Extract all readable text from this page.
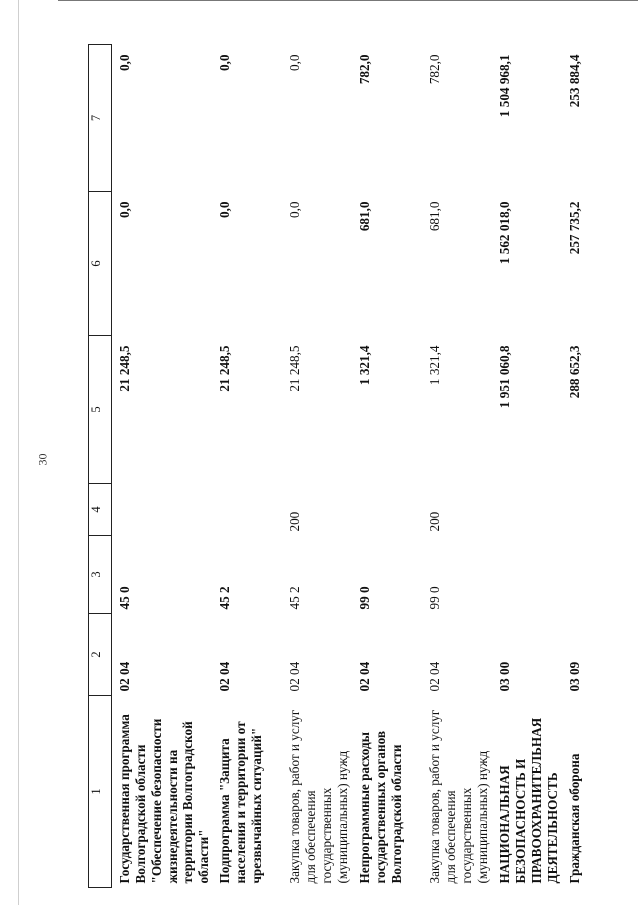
30
1	2	3	4	5	6	7
Государственная программа Волгоградской области "Обеспечение безопасности жизнедеятельности на территории Волгоградской области"	02 04	45 0		21 248,5	0,0	0,0
Подпрограмма "Защита населения и территории от чрезвычайных ситуаций"	02 04	45 2		21 248,5	0,0	0,0
Закупка товаров, работ и услуг для обеспечения государственных (муниципальных) нужд	02 04	45 2	200	21 248,5	0,0	0,0
Непрограммные расходы государственных органов Волгоградской области	02 04	99 0		1 321,4	681,0	782,0
Закупка товаров, работ и услуг для обеспечения государственных (муниципальных) нужд	02 04	99 0	200	1 321,4	681,0	782,0
НАЦИОНАЛЬНАЯ БЕЗОПАСНОСТЬ И ПРАВООХРАНИТЕЛЬНАЯ ДЕЯТЕЛЬНОСТЬ	03 00			1 951 060,8	1 562 018,0	1 504 968,1
Гражданская оборона	03 09			288 652,3	257 735,2	253 884,4
